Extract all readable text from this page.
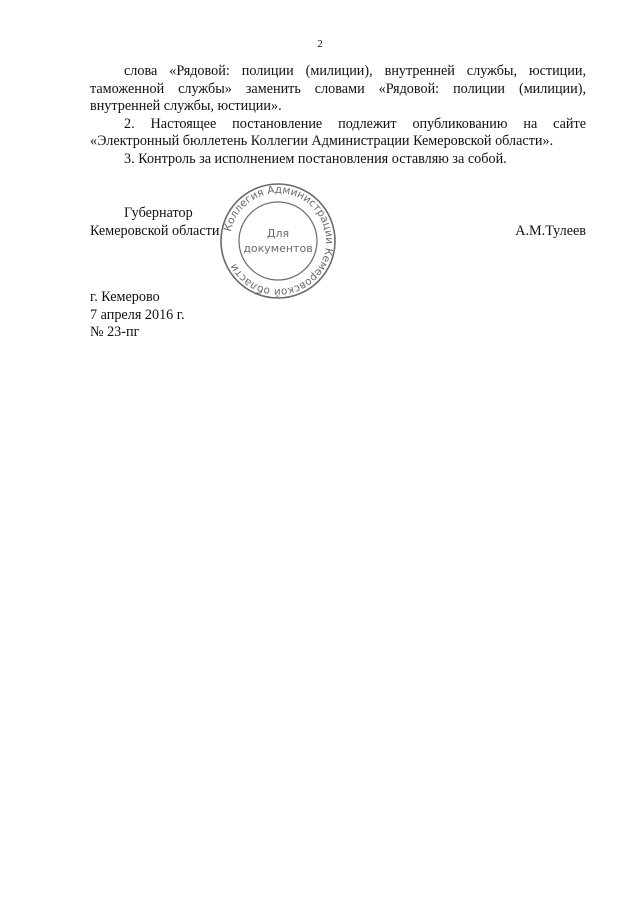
2

слова «Рядовой: полиции (милиции), внутренней службы, юстиции, таможенной службы» заменить словами «Рядовой: полиции (милиции), внутренней службы, юстиции».

2. Настоящее постановление подлежит опубликованию на сайте «Электронный бюллетень Коллегии Администрации Кемеровской области».

3. Контроль за исполнением постановления оставляю за собой.

Губернатор
Кемеровской области	А.М.Тулеев
Коллегия Администрации Кемеровской области
Для
документов
г. Кемерово
7 апреля 2016 г.
№ 23-пг
